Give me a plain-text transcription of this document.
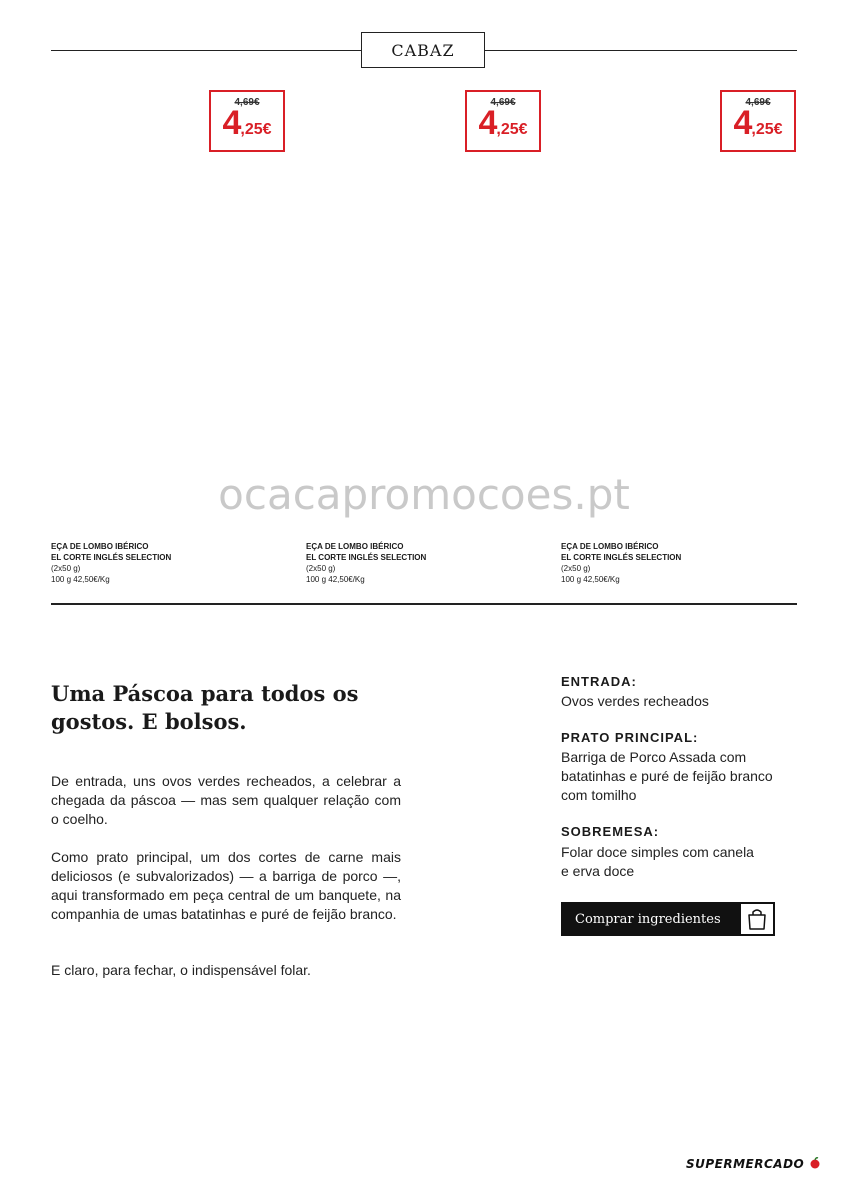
CABAZ
4,69€
4,25€
4,69€
4,25€
4,69€
4,25€
ocacapromocoes.pt
EÇA DE LOMBO IBÉRICO
EL CORTE INGLÉS SELECTION
(2x50 g)
100 g 42,50€/Kg
EÇA DE LOMBO IBÉRICO
EL CORTE INGLÉS SELECTION
(2x50 g)
100 g 42,50€/Kg
EÇA DE LOMBO IBÉRICO
EL CORTE INGLÉS SELECTION
(2x50 g)
100 g 42,50€/Kg
Uma Páscoa para todos os
gostos. E bolsos.
De entrada, uns ovos verdes recheados, a celebrar a chegada da páscoa — mas sem qualquer relação com o coelho.
Como prato principal, um dos cortes de carne mais deliciosos (e subvalorizados) — a barriga de porco —, aqui transformado em peça central de um banquete, na companhia de umas batatinhas e puré de feijão branco.
E claro, para fechar, o indispensável folar.
ENTRADA:
Ovos verdes recheados
PRATO PRINCIPAL:
Barriga de Porco Assada com batatinhas e puré de feijão branco com tomilho
SOBREMESA:
Folar doce simples com canela e erva doce
Comprar ingredientes
SUPERMERCADO
